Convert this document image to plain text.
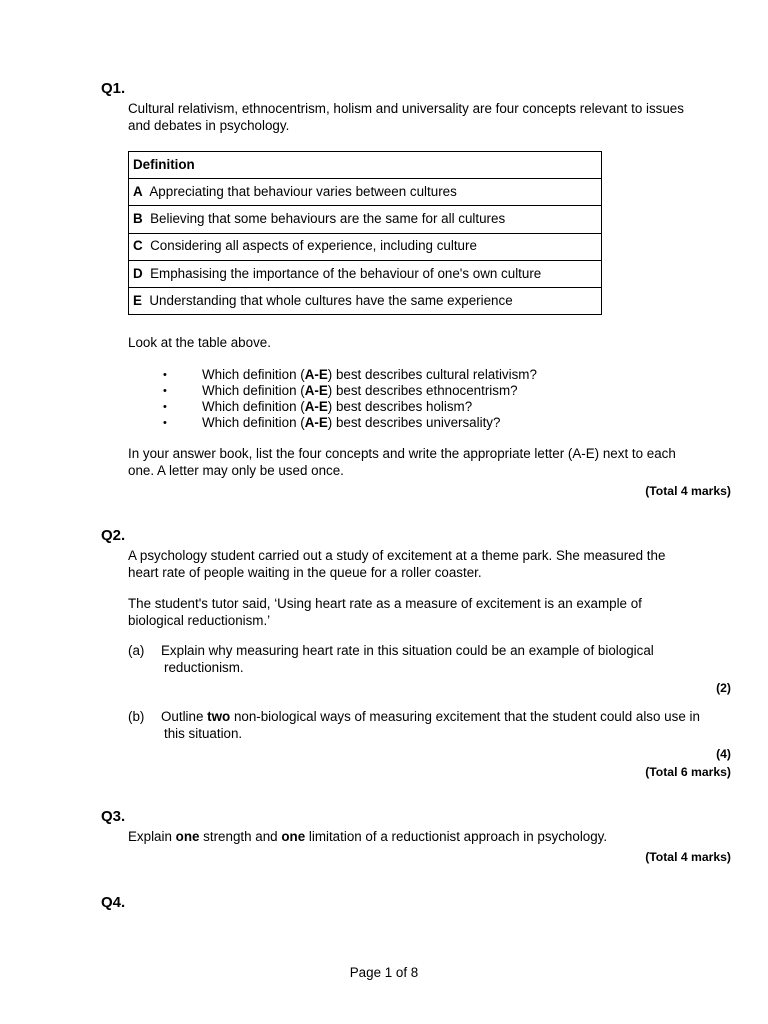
Q1.
Cultural relativism, ethnocentrism, holism and universality are four concepts relevant to issues and debates in psychology.
Definition
A Appreciating that behaviour varies between cultures
B Believing that some behaviours are the same for all cultures
C Considering all aspects of experience, including culture
D Emphasising the importance of the behaviour of one's own culture
E Understanding that whole cultures have the same experience
Look at the table above.
•	Which definition (A-E) best describes cultural relativism?
•	Which definition (A-E) best describes ethnocentrism?
•	Which definition (A-E) best describes holism?
•	Which definition (A-E) best describes universality?
In your answer book, list the four concepts and write the appropriate letter (A-E) next to each one. A letter may only be used once.
(Total 4 marks)
Q2.
A psychology student carried out a study of excitement at a theme park. She measured the heart rate of people waiting in the queue for a roller coaster.
The student's tutor said, ‘Using heart rate as a measure of excitement is an example of biological reductionism.’
(a) Explain why measuring heart rate in this situation could be an example of biological reductionism.
(2)
(b) Outline two non-biological ways of measuring excitement that the student could also use in this situation.
(4)
(Total 6 marks)
Q3.
Explain one strength and one limitation of a reductionist approach in psychology.
(Total 4 marks)
Q4.
Page 1 of 8
